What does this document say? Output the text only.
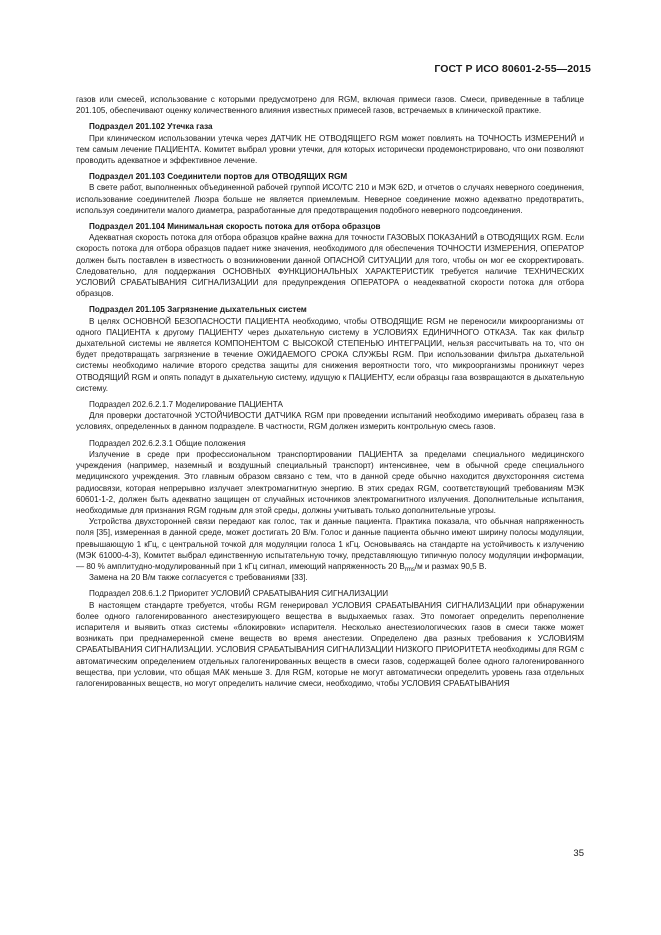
ГОСТ Р ИСО 80601-2-55—2015

газов или смесей, использование с которыми предусмотрено для RGM, включая примеси газов. Смеси, приведенные в таблице 201.105, обеспечивают оценку количественного влияния известных примесей газов, встречаемых в клинической практике.

Подраздел 201.102 Утечка газа

При клиническом использовании утечка через ДАТЧИК НЕ ОТВОДЯЩЕГО RGM может повлиять на ТОЧНОСТЬ ИЗМЕРЕНИЙ и тем самым лечение ПАЦИЕНТА. Комитет выбрал уровни утечки, для которых исторически продемонстрировано, что они позволяют проводить адекватное и эффективное лечение.

Подраздел 201.103 Соединители портов для ОТВОДЯЩИХ RGM

В свете работ, выполненных объединенной рабочей группой ИСО/ТС 210 и МЭК 62D, и отчетов о случаях неверного соединения, использование соединителей Люэра больше не является приемлемым. Неверное соединение можно адекватно предотвратить, используя соединители малого диаметра, разработанные для предотвращения подобного неверного подсоединения.

Подраздел 201.104 Минимальная скорость потока для отбора образцов

Адекватная скорость потока для отбора образцов крайне важна для точности ГАЗОВЫХ ПОКАЗАНИЙ в ОТВОДЯЩИХ RGM. Если скорость потока для отбора образцов падает ниже значения, необходимого для обеспечения ТОЧНОСТИ ИЗМЕРЕНИЯ, ОПЕРАТОР должен быть поставлен в известность о возникновении данной ОПАСНОЙ СИТУАЦИИ для того, чтобы он мог ее скорректировать. Следовательно, для поддержания ОСНОВНЫХ ФУНКЦИОНАЛЬНЫХ ХАРАКТЕРИСТИК требуется наличие ТЕХНИЧЕСКИХ УСЛОВИЙ СРАБАТЫВАНИЯ СИГНАЛИЗАЦИИ для предупреждения ОПЕРАТОРА о неадекватной скорости потока для отбора образцов.

Подраздел 201.105 Загрязнение дыхательных систем

В целях ОСНОВНОЙ БЕЗОПАСНОСТИ ПАЦИЕНТА необходимо, чтобы ОТВОДЯЩИЕ RGM не переносили микроорганизмы от одного ПАЦИЕНТА к другому ПАЦИЕНТУ через дыхательную систему в УСЛОВИЯХ ЕДИНИЧНОГО ОТКАЗА. Так как фильтр дыхательной системы не является КОМПОНЕНТОМ С ВЫСОКОЙ СТЕПЕНЬЮ ИНТЕГРАЦИИ, нельзя рассчитывать на то, что он будет предотвращать загрязнение в течение ОЖИДАЕМОГО СРОКА СЛУЖБЫ RGM. При использовании фильтра дыхательной системы необходимо наличие второго средства защиты для снижения вероятности того, что микроорганизмы проникнут через ОТВОДЯЩИЙ RGM и опять попадут в дыхательную систему, идущую к ПАЦИЕНТУ, если образцы газа возвращаются в дыхательную систему.

Подраздел 202.6.2.1.7 Моделирование ПАЦИЕНТА

Для проверки достаточной УСТОЙЧИВОСТИ ДАТЧИКА RGM при проведении испытаний необходимо имеривать образец газа в условиях, определенных в данном подразделе. В частности, RGM должен измерить контрольную смесь газов.

Подраздел 202.6.2.3.1 Общие положения

Излучение в среде при профессиональном транспортировании ПАЦИЕНТА за пределами специального медицинского учреждения (например, наземный и воздушный специальный транспорт) интенсивнее, чем в обычной среде специального медицинского учреждения. Это главным образом связано с тем, что в данной среде обычно находится двухсторонняя система радиосвязи, которая непрерывно излучает электромагнитную энергию. В этих средах RGM, соответствующий требованиям МЭК 60601-1-2, должен быть адекватно защищен от случайных источников электромагнитного излучения. Дополнительные испытания, необходимые для признания RGM годным для этой среды, должны учитывать только дополнительные угрозы.

Устройства двухсторонней связи передают как голос, так и данные пациента. Практика показала, что обычная напряженность поля [35], измеренная в данной среде, может достигать 20 В/м. Голос и данные пациента обычно имеют ширину полосы модуляции, превышающую 1 кГц, с центральной точкой для модуляции голоса 1 кГц. Основываясь на стандарте на устойчивость к излучению (МЭК 61000-4-3), Комитет выбрал единственную испытательную точку, представляющую типичную полосу модуляции информации, — 80 % амплитудно-модулированный при 1 кГц сигнал, имеющий напряженность 20 $В_{rms}/м$ и размах 90,5 В.

Замена на 20 В/м также согласуется с требованиями [33].

Подраздел 208.6.1.2 Приоритет УСЛОВИЙ СРАБАТЫВАНИЯ СИГНАЛИЗАЦИИ

В настоящем стандарте требуется, чтобы RGM генерировал УСЛОВИЯ СРАБАТЫВАНИЯ СИГНАЛИЗАЦИИ при обнаружении более одного галогенированного анестезирующего вещества в выдыхаемых газах. Это помогает определить переполнение испарителя и выявить отказ системы «блокировки» испарителя. Несколько анестезиологических газов в смеси также может возникать при преднамеренной смене веществ во время анестезии. Определено два разных требования к УСЛОВИЯМ СРАБАТЫВАНИЯ СИГНАЛИЗАЦИИ. УСЛОВИЯ СРАБАТЫВАНИЯ СИГНАЛИЗАЦИИ НИЗКОГО ПРИОРИТЕТА необходимы для RGM с автоматическим определением отдельных галогенированных веществ в смеси газов, содержащей более одного галогенированного вещества, при условии, что общая МАК меньше 3. Для RGM, которые не могут автоматически определить уровень газа отдельных галогенированных веществ, но могут определить наличие смеси, необходимо, чтобы УСЛОВИЯ СРАБАТЫВАНИЯ

35
